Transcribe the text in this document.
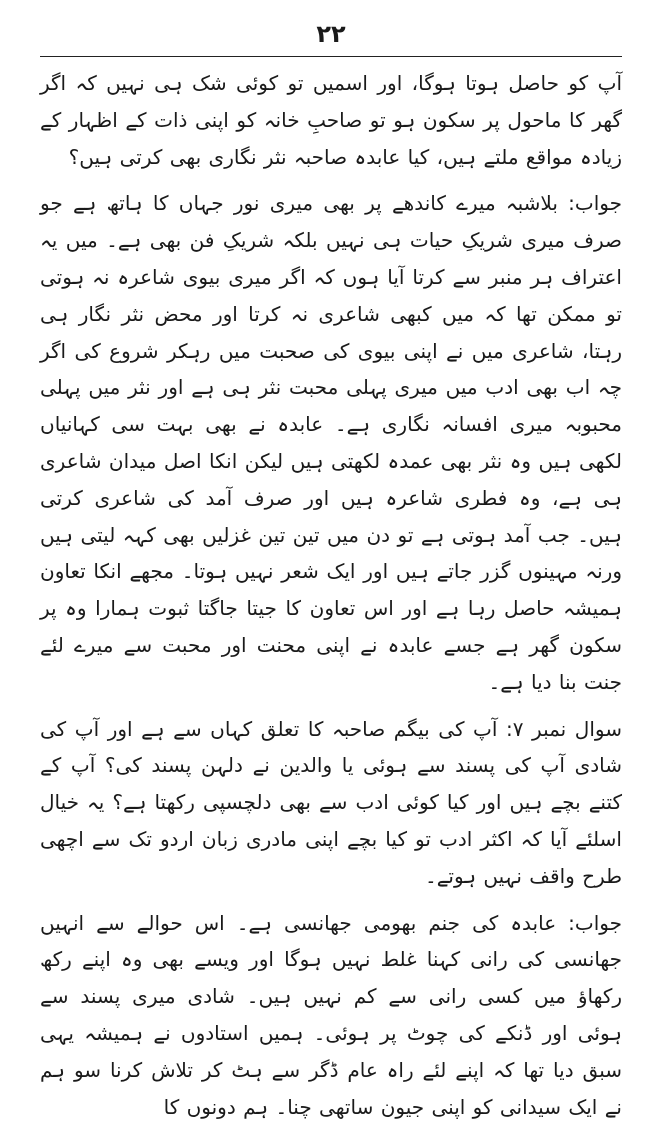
۲۲

آپ کو حاصل ہوتا ہوگا، اور اسمیں تو کوئی شک ہی نہیں کہ اگر گھر کا ماحول پر سکون ہو تو صاحبِ خانہ کو اپنی ذات کے اظہار کے زیادہ مواقع ملتے ہیں، کیا عابدہ صاحبہ نثر نگاری بھی کرتی ہیں؟

جواب: بلاشبہ میرے کاندھے پر بھی میری نور جہاں کا ہاتھ ہے جو صرف میری شریکِ حیات ہی نہیں بلکہ شریکِ فن بھی ہے۔ میں یہ اعتراف ہر منبر سے کرتا آیا ہوں کہ اگر میری بیوی شاعرہ نہ ہوتی تو ممکن تھا کہ میں کبھی شاعری نہ کرتا اور محض نثر نگار ہی رہتا، شاعری میں نے اپنی بیوی کی صحبت میں رہکر شروع کی اگر چہ اب بھی ادب میں میری پہلی محبت نثر ہی ہے اور نثر میں پہلی محبوبہ میری افسانہ نگاری ہے۔ عابدہ نے بھی بہت سی کہانیاں لکھی ہیں وہ نثر بھی عمدہ لکھتی ہیں لیکن انکا اصل میدان شاعری ہی ہے، وہ فطری شاعرہ ہیں اور صرف آمد کی شاعری کرتی ہیں۔ جب آمد ہوتی ہے تو دن میں تین تین غزلیں بھی کہہ لیتی ہیں ورنہ مہینوں گزر جاتے ہیں اور ایک شعر نہیں ہوتا۔ مجھے انکا تعاون ہمیشہ حاصل رہا ہے اور اس تعاون کا جیتا جاگتا ثبوت ہمارا وہ پر سکون گھر ہے جسے عابدہ نے اپنی محنت اور محبت سے میرے لئے جنت بنا دیا ہے۔

سوال نمبر ۷: آپ کی بیگم صاحبہ کا تعلق کہاں سے ہے اور آپ کی شادی آپ کی پسند سے ہوئی یا والدین نے دلہن پسند کی؟ آپ کے کتنے بچے ہیں اور کیا کوئی ادب سے بھی دلچسپی رکھتا ہے؟ یہ خیال اسلئے آیا کہ اکثر ادب تو کیا بچے اپنی مادری زبان اردو تک سے اچھی طرح واقف نہیں ہوتے۔

جواب: عابدہ کی جنم بھومی جھانسی ہے۔ اس حوالے سے انہیں جھانسی کی رانی کہنا غلط نہیں ہوگا اور ویسے بھی وہ اپنے رکھ رکھاؤ میں کسی رانی سے کم نہیں ہیں۔ شادی میری پسند سے ہوئی اور ڈنکے کی چوٹ پر ہوئی۔ ہمیں استادوں نے ہمیشہ یہی سبق دیا تھا کہ اپنے لئے راہ عام ڈگر سے ہٹ کر تلاش کرنا سو ہم نے ایک سیدانی کو اپنی جیون ساتھی چنا۔ ہم دونوں کا
